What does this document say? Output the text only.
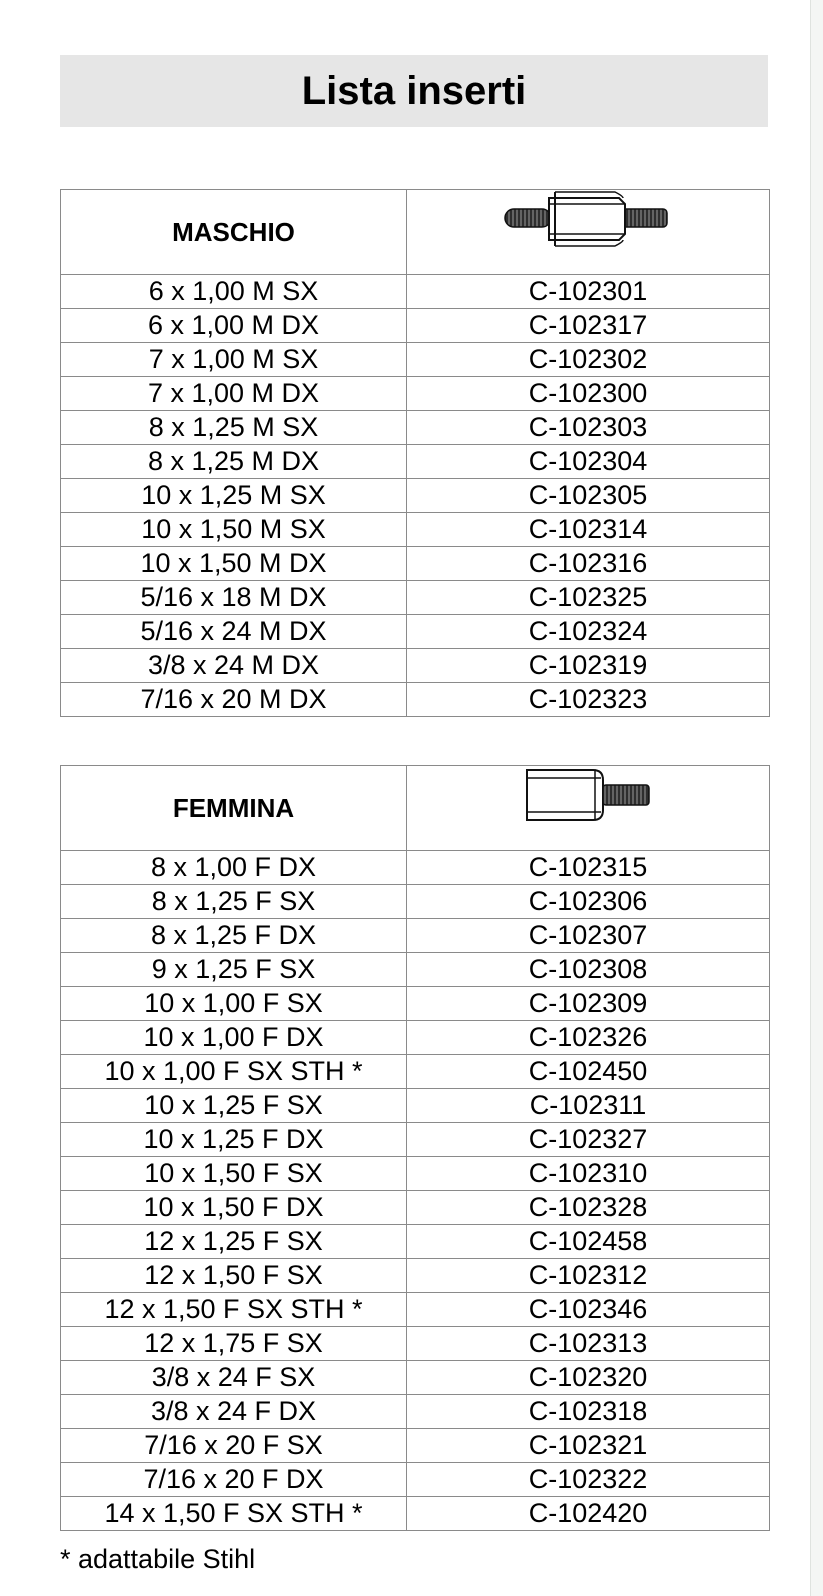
Lista inserti
MASCHIO	
6 x 1,00 M SX	C-102301
6 x 1,00 M DX	C-102317
7 x 1,00 M SX	C-102302
7 x 1,00 M DX	C-102300
8 x 1,25 M SX	C-102303
8 x 1,25 M DX	C-102304
10 x 1,25 M SX	C-102305
10 x 1,50 M SX	C-102314
10 x 1,50 M DX	C-102316
5/16 x 18 M DX	C-102325
5/16 x 24 M DX	C-102324
3/8 x 24 M DX	C-102319
7/16 x 20 M DX	C-102323
FEMMINA	
8 x 1,00 F DX	C-102315
8 x 1,25 F SX	C-102306
8 x 1,25 F DX	C-102307
9 x 1,25 F SX	C-102308
10 x 1,00 F SX	C-102309
10 x 1,00 F DX	C-102326
10 x 1,00 F SX STH *	C-102450
10 x 1,25 F SX	C-102311
10 x 1,25 F DX	C-102327
10 x 1,50 F SX	C-102310
10 x 1,50 F DX	C-102328
12 x 1,25 F SX	C-102458
12 x 1,50 F SX	C-102312
12 x 1,50 F SX STH *	C-102346
12 x 1,75 F SX	C-102313
3/8 x 24 F SX	C-102320
3/8 x 24 F DX	C-102318
7/16 x 20 F SX	C-102321
7/16 x 20 F DX	C-102322
14 x 1,50 F SX STH *	C-102420
* adattabile Stihl
